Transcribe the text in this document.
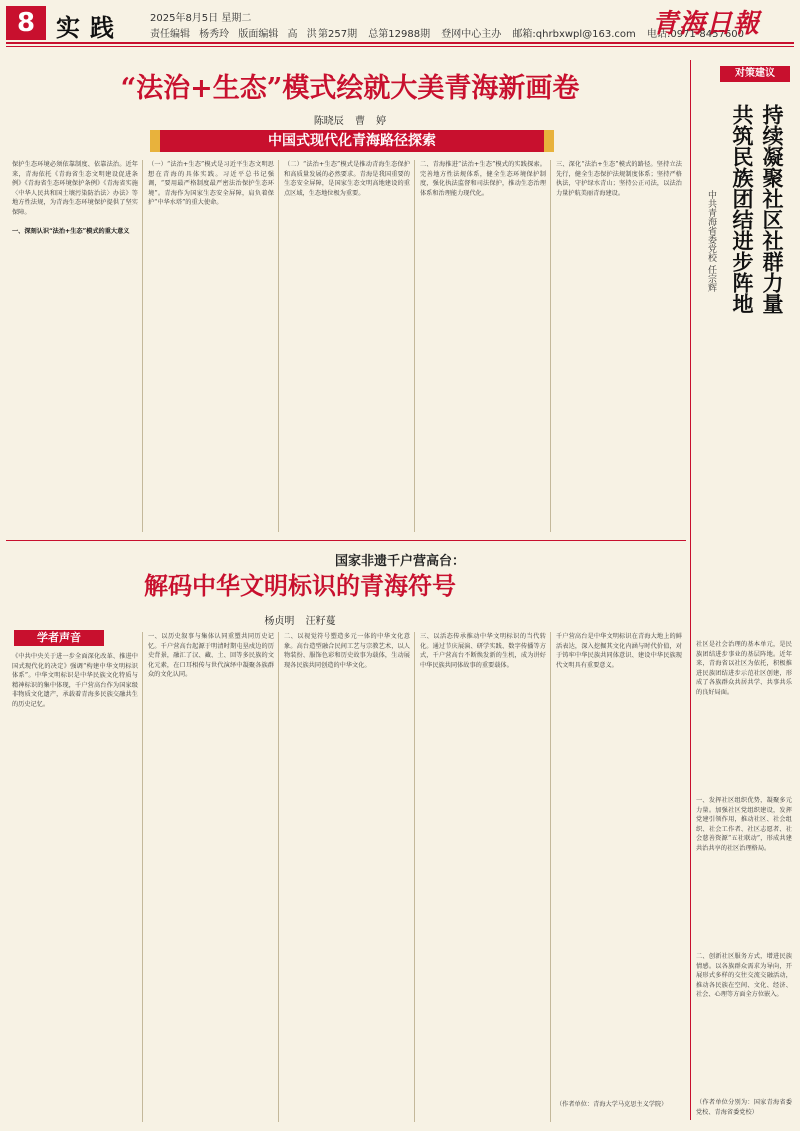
8 实践	2025年8月5日 星期二
责任编辑 杨秀玲 版面编辑 高 洪 第257期 总第12988期 登网中心主办 邮箱:qhrbxwpl@163.com 电话:0971-8457600
青海日報
“法治+生态”模式绘就大美青海新画卷
陈晓辰 曹 婷
中国式现代化青海路径探索
保护生态环境必须依靠制度、依靠法治。近年来，青海依托《青海省生态文明建设促进条例》《青海省生态环境保护条例》《青海省实施〈中华人民共和国土壤污染防治法〉办法》等地方性法规，为青海生态环境保护提供了坚实保障。

一、深刻认识“法治+生态”模式的重大意义
（一）“法治+生态”模式是习近平生态文明思想在青海的具体实践。习近平总书记强调，“要用最严格制度最严密法治保护生态环境”。青海作为国家生态安全屏障，肩负着保护“中华水塔”的重大使命。
（二）“法治+生态”模式是推动青海生态保护和高质量发展的必然要求。青海是我国重要的生态安全屏障，是国家生态文明高地建设的重点区域，生态地位极为重要。
二、青海推进“法治+生态”模式的实践探索。完善地方性法规体系，健全生态环境保护制度，强化执法监督和司法保护，推动生态治理体系和治理能力现代化。
三、深化“法治+生态”模式的路径。坚持立法先行，健全生态保护法规制度体系；坚持严格执法，守护绿水青山；坚持公正司法，以法治力量护航美丽青海建设。
对策建议
持续凝聚社区社群力量
共筑民族团结进步阵地
中共青海省委党校 任宗辉
社区是社会治理的基本单元，是民族团结进步事业的基层阵地。近年来，青海省以社区为依托，积极推进民族团结进步示范社区创建，形成了各族群众共居共学、共事共乐的良好局面。
一、发挥社区组织优势，凝聚多元力量。加强社区党组织建设，发挥党建引领作用，推动社区、社会组织、社会工作者、社区志愿者、社会慈善资源“五社联动”，形成共建共治共享的社区治理格局。
二、创新社区服务方式，增进民族情感。以各族群众需求为导向，开展形式多样的交往交流交融活动，推动各民族在空间、文化、经济、社会、心理等方面全方位嵌入。
（作者单位分别为：国家青海省委党校、青海省委党校）
国家非遗千户营高台：
解码中华文明标识的青海符号
杨贞明 汪籽蔓
学者声音
《中共中央关于进一步全面深化改革、推进中国式现代化的决定》强调“构建中华文明标识体系”。中华文明标识是中华民族文化特质与精神标识的集中体现，千户营高台作为国家级非物质文化遗产，承载着青海多民族交融共生的历史记忆。
一、以历史叙事与集体认同重塑共同历史记忆。千户营高台起源于明清时期屯垦戍边的历史背景，融汇了汉、藏、土、回等多民族的文化元素，在口耳相传与世代演绎中凝聚各族群众的文化认同。
二、以视觉符号塑造多元一体的中华文化意象。高台造型融合民间工艺与宗教艺术，以人物装扮、服饰色彩和历史故事为载体，生动展现各民族共同创造的中华文化。
三、以活态传承推动中华文明标识的当代转化。通过节庆展演、研学实践、数字传播等方式，千户营高台不断焕发新的生机，成为讲好中华民族共同体故事的重要载体。
千户营高台是中华文明标识在青海大地上的鲜活表达，深入挖掘其文化内涵与时代价值，对于铸牢中华民族共同体意识、建设中华民族现代文明具有重要意义。
（作者单位：青海大学马克思主义学院）
